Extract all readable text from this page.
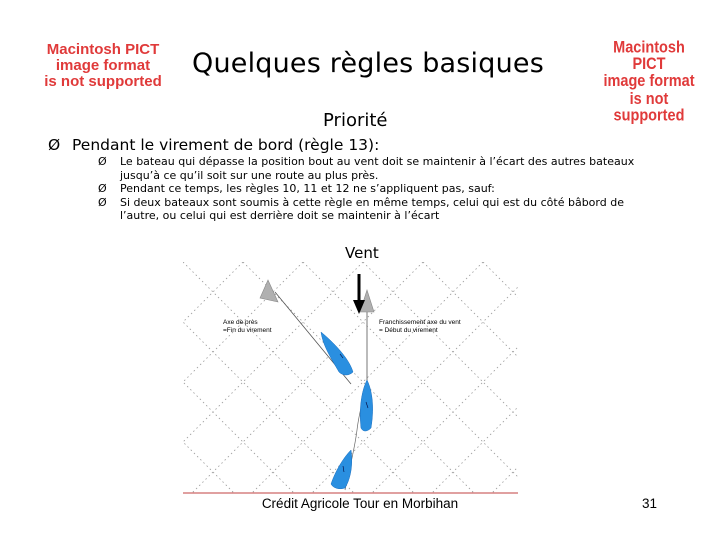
Macintosh PICT
image format
is not supported
Macintosh PICT
image format
is not supported
Quelques règles basiques
Priorité
Ø Pendant le virement de bord (règle 13):
Ø Le bateau qui dépasse la position bout au vent doit se maintenir à l’écart des autres bateaux jusqu’à ce qu’il soit sur une route au plus près.
Ø Pendant ce temps, les règles 10, 11 et 12 ne s’appliquent pas, sauf:
Ø Si deux bateaux sont soumis à cette règle en même temps, celui qui est du côté bâbord de l’autre, ou celui qui est derrière doit se maintenir à l’écart
Vent
Axe de près =Fin du virement
Franchissement axe du vent = Début du virement
Crédit Agricole Tour en Morbihan	31
